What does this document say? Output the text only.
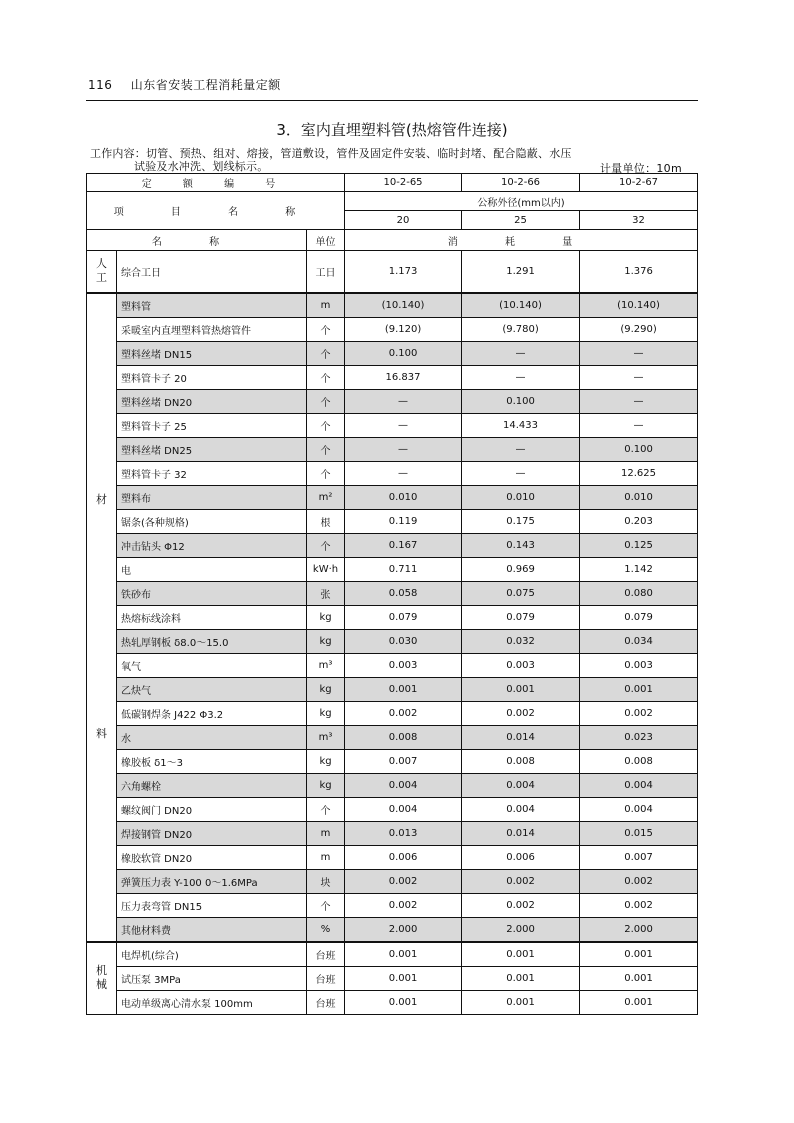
116 山东省安装工程消耗量定额
3．室内直埋塑料管(热熔管件连接)
工作内容：切管、预热、组对、熔接，管道敷设，管件及固定件安装、临时封堵、配合隐蔽、水压
试验及水冲洗、划线标示。	计量单位：10m
定 额 编 号			10-2-65	10-2-66	10-2-67
项 目 名 称			公称外径(mm以内)		
			20	25	32
名 称		单位	消 耗 量		

人
工	综合工日	工日	1.173	1.291	1.376

材
料	塑料管	m	(10.140)	(10.140)	(10.140)
	采暖室内直埋塑料管热熔管件	个	(9.120)	(9.780)	(9.290)
	塑料丝堵 DN15	个	0.100	—	—
	塑料管卡子 20	个	16.837	—	—
	塑料丝堵 DN20	个	—	0.100	—
	塑料管卡子 25	个	—	14.433	—
	塑料丝堵 DN25	个	—	—	0.100
	塑料管卡子 32	个	—	—	12.625
	塑料布	m²	0.010	0.010	0.010
	锯条(各种规格)	根	0.119	0.175	0.203
	冲击钻头 Φ12	个	0.167	0.143	0.125
	电	kW·h	0.711	0.969	1.142
	铁砂布	张	0.058	0.075	0.080
	热熔标线涂料	kg	0.079	0.079	0.079
	热轧厚钢板 δ8.0～15.0	kg	0.030	0.032	0.034
	氧气	m³	0.003	0.003	0.003
	乙炔气	kg	0.001	0.001	0.001
	低碳钢焊条 J422 Φ3.2	kg	0.002	0.002	0.002
	水	m³	0.008	0.014	0.023
	橡胶板 δ1～3	kg	0.007	0.008	0.008
	六角螺栓	kg	0.004	0.004	0.004
	螺纹阀门 DN20	个	0.004	0.004	0.004
	焊接钢管 DN20	m	0.013	0.014	0.015
	橡胶软管 DN20	m	0.006	0.006	0.007
	弹簧压力表 Y-100 0～1.6MPa	块	0.002	0.002	0.002
	压力表弯管 DN15	个	0.002	0.002	0.002
	其他材料费	%	2.000	2.000	2.000

机
械	电焊机(综合)	台班	0.001	0.001	0.001
	试压泵 3MPa	台班	0.001	0.001	0.001
	电动单级离心清水泵 100mm	台班	0.001	0.001	0.001
